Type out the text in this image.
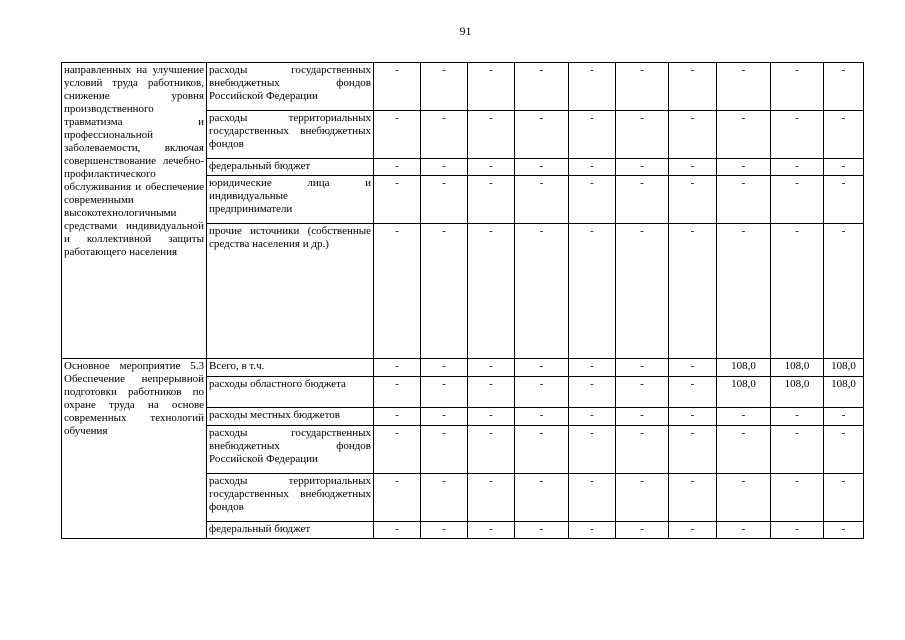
91
направленных на улучшение условий труда работников, снижение уровня производственного травматизма и профессиональной заболеваемости, включая совершенствование лечебно-профилактического обслуживания и обеспечение современными высокотехнологичными средствами индивидуальной и коллективной защиты работающего населения	расходы государственных внебюджетных фондов Российской Федерации	-	-	-	-	-	-	-	-	-	-
	расходы территориальных государственных внебюджетных фондов	-	-	-	-	-	-	-	-	-	-
	федеральный бюджет	-	-	-	-	-	-	-	-	-	-
	юридические лица и индивидуальные предприниматели	-	-	-	-	-	-	-	-	-	-
	прочие источники (собственные средства населения и др.)	-	-	-	-	-	-	-	-	-	-
Основное мероприятие 5.3 Обеспечение непрерывной подготовки работников по охране труда на основе современных технологий обучения	Всего, в т.ч.	-	-	-	-	-	-	-	108,0	108,0	108,0
	расходы областного бюджета	-	-	-	-	-	-	-	108,0	108,0	108,0
	расходы местных бюджетов	-	-	-	-	-	-	-	-	-	-
	расходы государственных внебюджетных фондов Российской Федерации	-	-	-	-	-	-	-	-	-	-
	расходы территориальных государственных внебюджетных фондов	-	-	-	-	-	-	-	-	-	-
	федеральный бюджет	-	-	-	-	-	-	-	-	-	-
